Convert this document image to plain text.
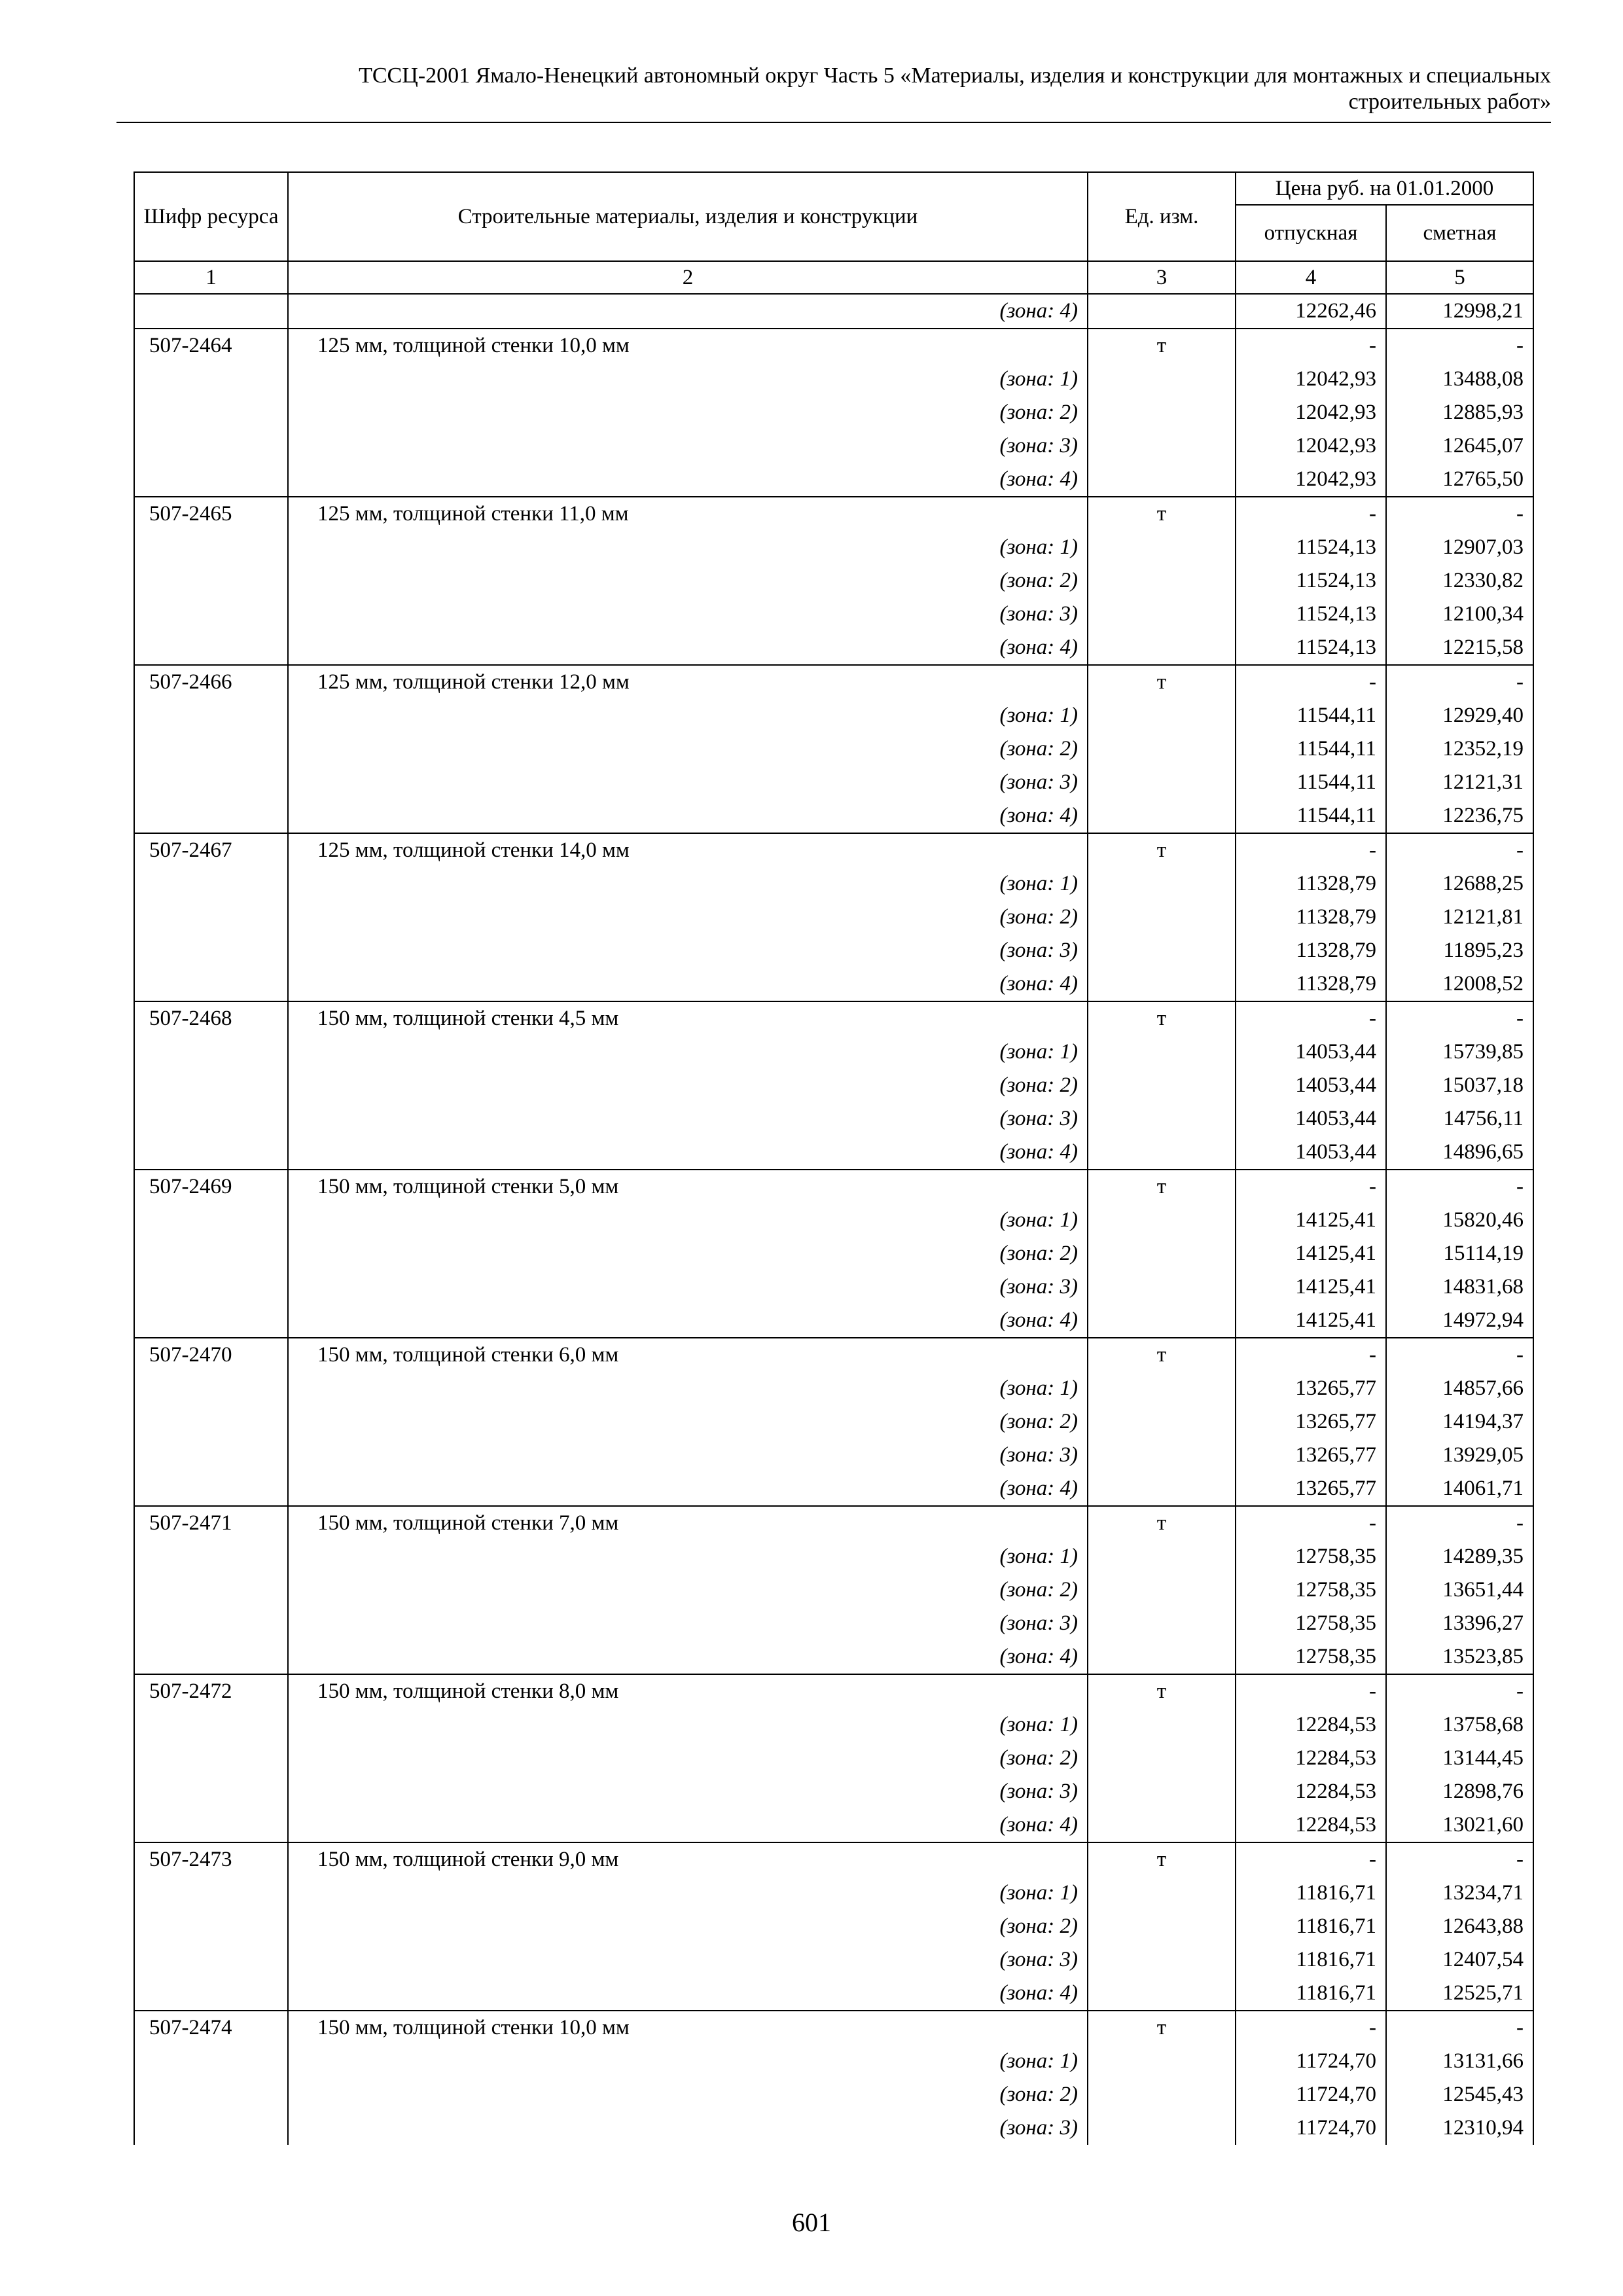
ТССЦ-2001 Ямало-Ненецкий автономный округ Часть 5 «Материалы, изделия и конструкции для монтажных и специальных
строительных работ»
Шифр ресурса	Строительные материалы, изделия и конструкции	Ед. изм.	Цена руб. на 01.01.2000	
			отпускная	сметная
1	2	3	4	5
	(зона: 4)		12262,46	12998,21
507-2464	125 мм, толщиной стенки 10,0 мм	т	-	-
	(зона: 1)		12042,93	13488,08
	(зона: 2)		12042,93	12885,93
	(зона: 3)		12042,93	12645,07
	(зона: 4)		12042,93	12765,50
507-2465	125 мм, толщиной стенки 11,0 мм	т	-	-
	(зона: 1)		11524,13	12907,03
	(зона: 2)		11524,13	12330,82
	(зона: 3)		11524,13	12100,34
	(зона: 4)		11524,13	12215,58
507-2466	125 мм, толщиной стенки 12,0 мм	т	-	-
	(зона: 1)		11544,11	12929,40
	(зона: 2)		11544,11	12352,19
	(зона: 3)		11544,11	12121,31
	(зона: 4)		11544,11	12236,75
507-2467	125 мм, толщиной стенки 14,0 мм	т	-	-
	(зона: 1)		11328,79	12688,25
	(зона: 2)		11328,79	12121,81
	(зона: 3)		11328,79	11895,23
	(зона: 4)		11328,79	12008,52
507-2468	150 мм, толщиной стенки 4,5 мм	т	-	-
	(зона: 1)		14053,44	15739,85
	(зона: 2)		14053,44	15037,18
	(зона: 3)		14053,44	14756,11
	(зона: 4)		14053,44	14896,65
507-2469	150 мм, толщиной стенки 5,0 мм	т	-	-
	(зона: 1)		14125,41	15820,46
	(зона: 2)		14125,41	15114,19
	(зона: 3)		14125,41	14831,68
	(зона: 4)		14125,41	14972,94
507-2470	150 мм, толщиной стенки 6,0 мм	т	-	-
	(зона: 1)		13265,77	14857,66
	(зона: 2)		13265,77	14194,37
	(зона: 3)		13265,77	13929,05
	(зона: 4)		13265,77	14061,71
507-2471	150 мм, толщиной стенки 7,0 мм	т	-	-
	(зона: 1)		12758,35	14289,35
	(зона: 2)		12758,35	13651,44
	(зона: 3)		12758,35	13396,27
	(зона: 4)		12758,35	13523,85
507-2472	150 мм, толщиной стенки 8,0 мм	т	-	-
	(зона: 1)		12284,53	13758,68
	(зона: 2)		12284,53	13144,45
	(зона: 3)		12284,53	12898,76
	(зона: 4)		12284,53	13021,60
507-2473	150 мм, толщиной стенки 9,0 мм	т	-	-
	(зона: 1)		11816,71	13234,71
	(зона: 2)		11816,71	12643,88
	(зона: 3)		11816,71	12407,54
	(зона: 4)		11816,71	12525,71
507-2474	150 мм, толщиной стенки 10,0 мм	т	-	-
	(зона: 1)		11724,70	13131,66
	(зона: 2)		11724,70	12545,43
	(зона: 3)		11724,70	12310,94
601
